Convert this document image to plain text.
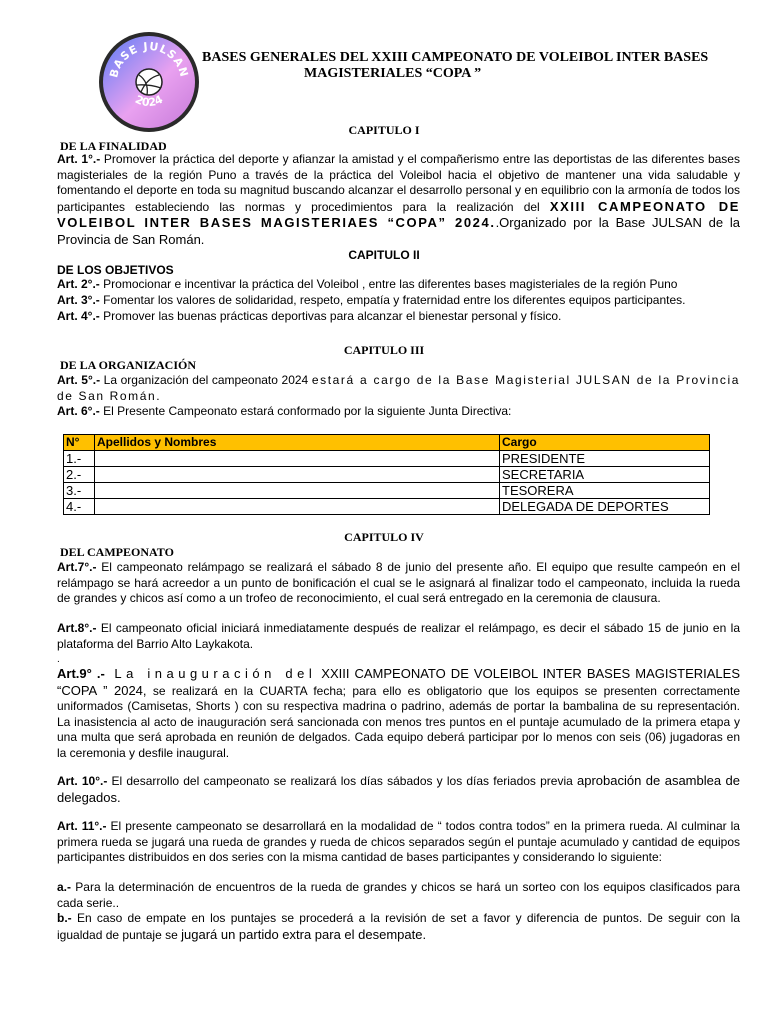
BASE JULSAN
2024
BASES GENERALES DEL XXIII CAMPEONATO DE VOLEIBOL INTER BASES
MAGISTERIALES “COPA ”
CAPITULO I
DE LA FINALIDAD
Art. 1°.- Promover la práctica del deporte y afianzar la amistad y el compañerismo entre las deportistas de las diferentes bases magisteriales de la región Puno a través de la práctica del Voleibol hacia el objetivo de mantener una vida saludable y fomentando el deporte en toda su magnitud buscando alcanzar el desarrollo personal y en equilibrio con la armonía de todos los participantes estableciendo las normas y procedimientos para la realización del XXIII CAMPEONATO DE VOLEIBOL INTER BASES MAGISTERIAES “COPA” 2024..Organizado por la Base JULSAN de la Provincia de San Román.
CAPITULO II
DE LOS OBJETIVOS
Art. 2°.- Promocionar e incentivar la práctica del Voleibol , entre las diferentes bases magisteriales de la región Puno
Art. 3°.- Fomentar los valores de solidaridad, respeto, empatía y fraternidad entre los diferentes equipos participantes.
Art. 4°.- Promover las buenas prácticas deportivas para alcanzar el bienestar personal y físico.
CAPITULO III
DE LA ORGANIZACIÓN
Art. 5°.- La organización del campeonato 2024 estará a cargo de la Base Magisterial JULSAN de la Provincia de San Román.
Art. 6°.- El Presente Campeonato estará conformado por la siguiente Junta Directiva:
N°	Apellidos y Nombres	Cargo
1.-		PRESIDENTE
2.-		SECRETARIA
3.-		TESORERA
4.-		DELEGADA DE DEPORTES
CAPITULO IV
DEL CAMPEONATO
Art.7°.- El campeonato relámpago se realizará el sábado 8 de junio del presente año. El equipo que resulte campeón en el relámpago se hará acreedor a un punto de bonificación el cual se le asignará al finalizar todo el campeonato, incluida la rueda de grandes y chicos así como a un trofeo de reconocimiento, el cual será entregado en la ceremonia de clausura.
Art.8°.- El campeonato oficial iniciará inmediatamente después de realizar el relámpago, es decir el sábado 15 de junio en la plataforma del Barrio Alto Laykakota.
.
Art.9° .- La inauguración del XXIII CAMPEONATO DE VOLEIBOL INTER BASES MAGISTERIALES “COPA ” 2024, se realizará en la CUARTA fecha; para ello es obligatorio que los equipos se presenten correctamente uniformados (Camisetas, Shorts ) con su respectiva madrina o padrino, además de portar la bambalina de su representación. La inasistencia al acto de inauguración será sancionada con menos tres puntos en el puntaje acumulado de la primera etapa y una multa que será aprobada en reunión de delgados. Cada equipo deberá participar por lo menos con seis (06) jugadoras en la ceremonia y desfile inaugural.
Art. 10°.- El desarrollo del campeonato se realizará los días sábados y los días feriados previa aprobación de asamblea de delegados.
Art. 11°.- El presente campeonato se desarrollará en la modalidad de “ todos contra todos” en la primera rueda. Al culminar la primera rueda se jugará una rueda de grandes y rueda de chicos separados según el puntaje acumulado y cantidad de equipos participantes distribuidos en dos series con la misma cantidad de bases participantes y considerando lo siguiente:
a.- Para la determinación de encuentros de la rueda de grandes y chicos se hará un sorteo con los equipos clasificados para cada serie..
b.- En caso de empate en los puntajes se procederá a la revisión de set a favor y diferencia de puntos. De seguir con la igualdad de puntaje se jugará un partido extra para el desempate.
